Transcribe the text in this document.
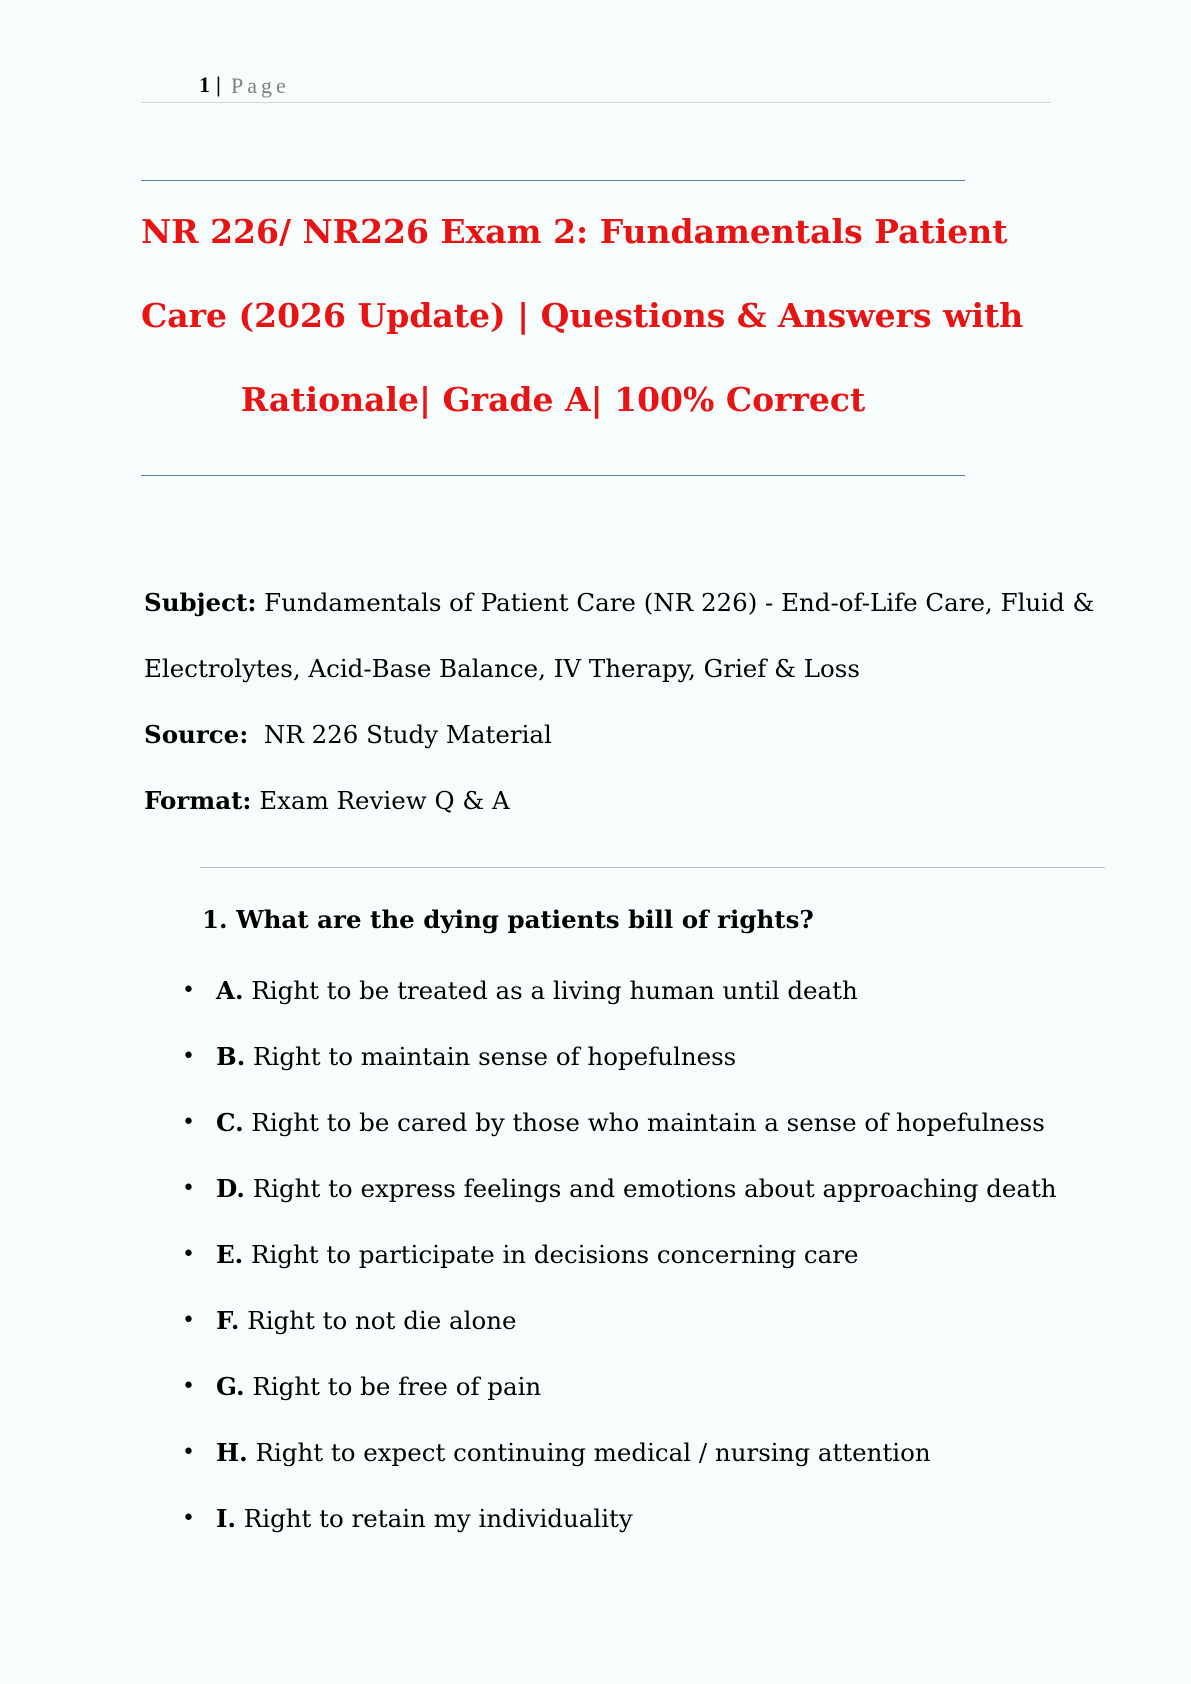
1 | Page
NR 226/ NR226 Exam 2: Fundamentals Patient
Care (2026 Update) | Questions & Answers with
Rationale| Grade A| 100% Correct
Subject: Fundamentals of Patient Care (NR 226) - End-of-Life Care, Fluid &
Electrolytes, Acid-Base Balance, IV Therapy, Grief & Loss
Source: NR 226 Study Material
Format: Exam Review Q & A
1. What are the dying patients bill of rights?
• A. Right to be treated as a living human until death
• B. Right to maintain sense of hopefulness
• C. Right to be cared by those who maintain a sense of hopefulness
• D. Right to express feelings and emotions about approaching death
• E. Right to participate in decisions concerning care
• F. Right to not die alone
• G. Right to be free of pain
• H. Right to expect continuing medical / nursing attention
• I. Right to retain my individuality
